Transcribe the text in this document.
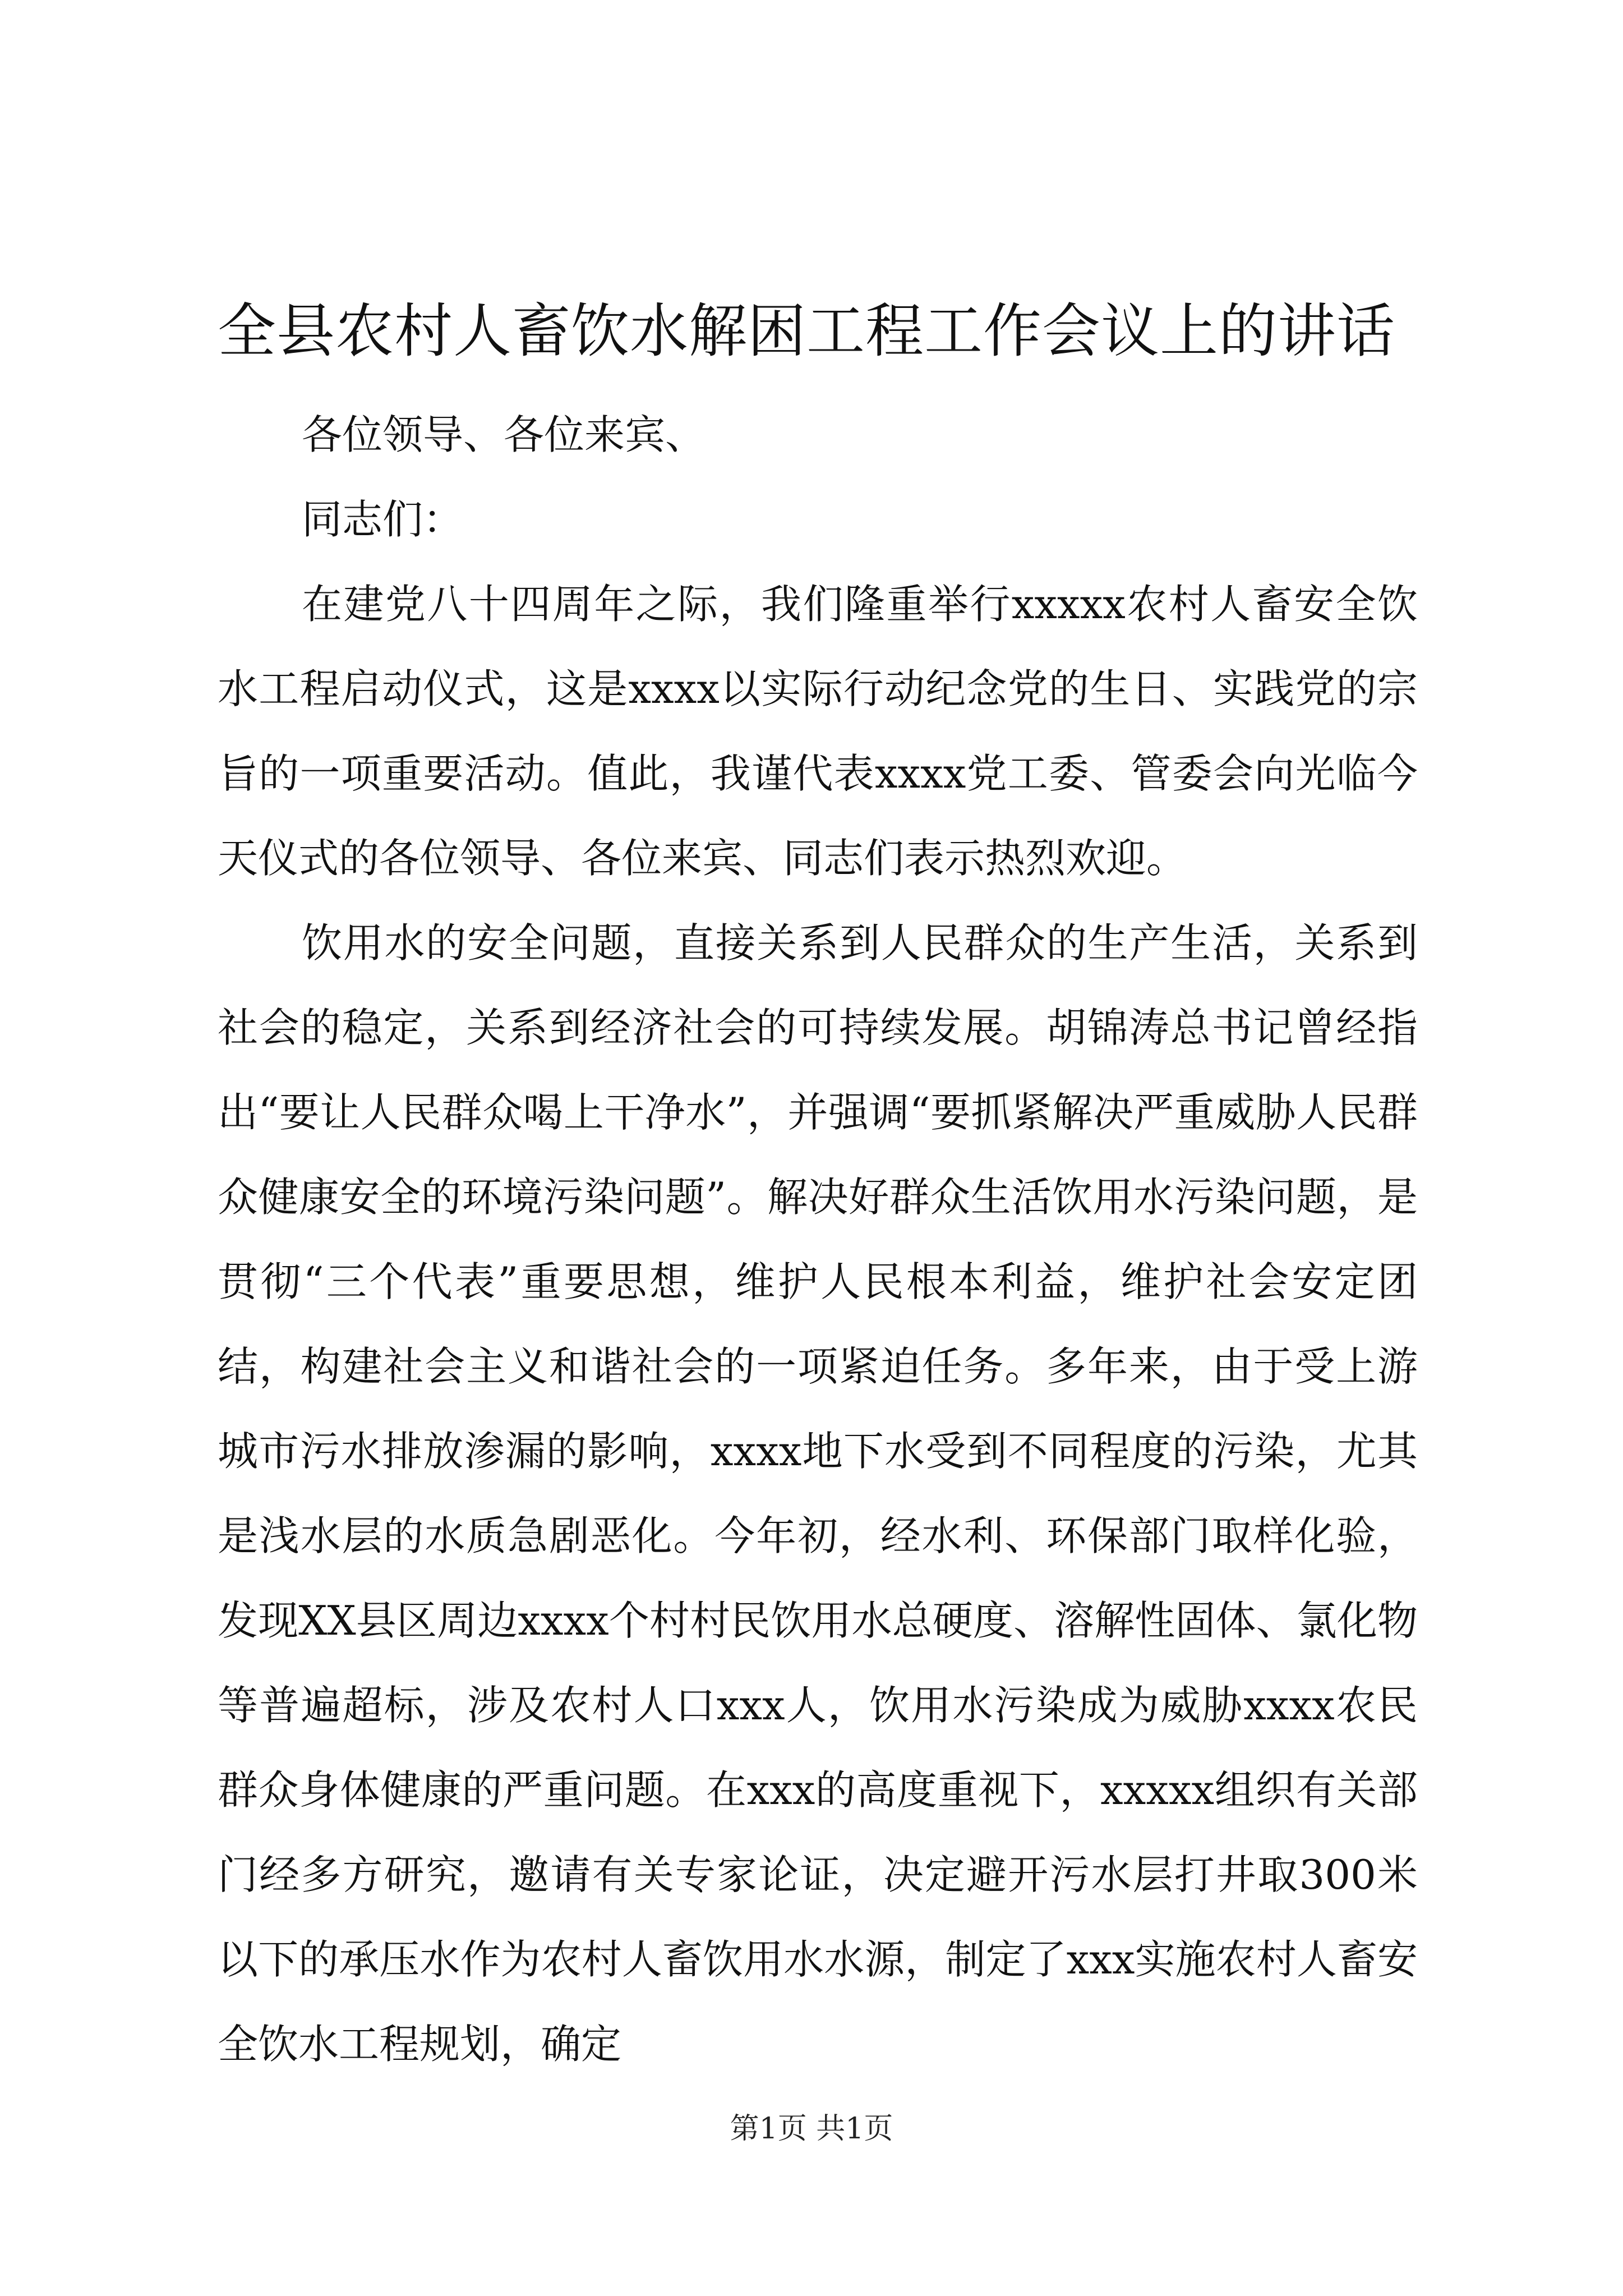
全县农村人畜饮水解困工程工作会议上的讲话

各位领导、各位来宾、

同志们：

在建党八十四周年之际，我们隆重举行xxxxx农村人畜安全饮水工程启动仪式，这是xxxx以实际行动纪念党的生日、实践党的宗旨的一项重要活动。值此，我谨代表xxxx党工委、管委会向光临今天仪式的各位领导、各位来宾、同志们表示热烈欢迎。

饮用水的安全问题，直接关系到人民群众的生产生活，关系到社会的稳定，关系到经济社会的可持续发展。胡锦涛总书记曾经指出“要让人民群众喝上干净水”，并强调“要抓紧解决严重威胁人民群众健康安全的环境污染问题”。解决好群众生活饮用水污染问题，是贯彻“三个代表”重要思想，维护人民根本利益，维护社会安定团结，构建社会主义和谐社会的一项紧迫任务。多年来，由于受上游城市污水排放渗漏的影响，xxxx地下水受到不同程度的污染，尤其是浅水层的水质急剧恶化。今年初，经水利、环保部门取样化验，发现XX县区周边xxxx个村村民饮用水总硬度、溶解性固体、氯化物等普遍超标，涉及农村人口xxx人，饮用水污染成为威胁xxxx农民群众身体健康的严重问题。在xxx的高度重视下，xxxxx组织有关部门经多方研究，邀请有关专家论证，决定避开污水层打井取300米以下的承压水作为农村人畜饮用水水源，制定了xxx实施农村人畜安全饮水工程规划，确定

第1页 共1页
